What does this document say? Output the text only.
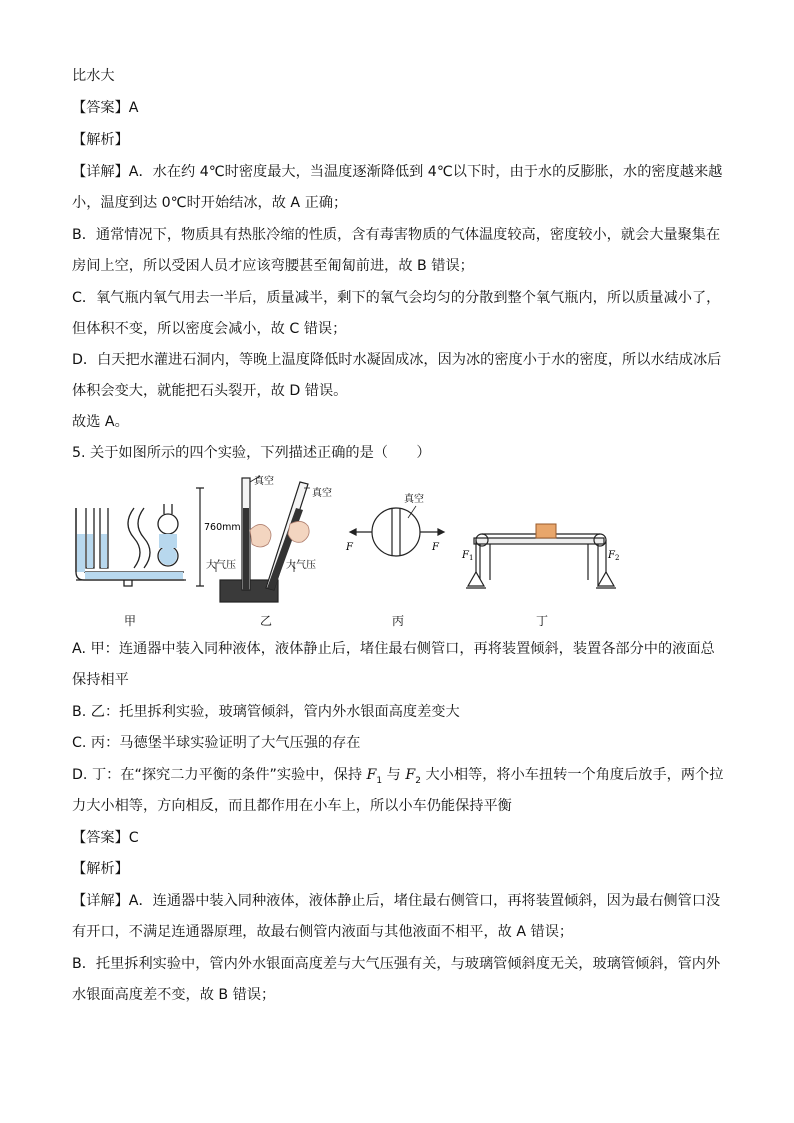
比水大
【答案】A
【解析】
【详解】A．水在约 4℃时密度最大，当温度逐渐降低到 4℃以下时，由于水的反膨胀，水的密度越来越
小，温度到达 0℃时开始结冰，故 A 正确；
B．通常情况下，物质具有热胀冷缩的性质，含有毒害物质的气体温度较高，密度较小，就会大量聚集在
房间上空，所以受困人员才应该弯腰甚至匍匐前进，故 B 错误；
C．氧气瓶内氧气用去一半后，质量减半，剩下的氧气会均匀的分散到整个氧气瓶内，所以质量减小了，
但体积不变，所以密度会减小，故 C 错误；
D．白天把水灌进石洞内，等晚上温度降低时水凝固成冰，因为冰的密度小于水的密度，所以水结成冰后
体积会变大，就能把石头裂开，故 D 错误。
故选 A。
5. 关于如图所示的四个实验，下列描述正确的是（　　）
真空
真空
760mm
大气压	大气压
真空
F	F
$F_1$	$F_2$
甲	乙	丙	丁
A. 甲：连通器中装入同种液体，液体静止后，堵住最右侧管口，再将装置倾斜，装置各部分中的液面总
保持相平
B. 乙：托里拆利实验，玻璃管倾斜，管内外水银面高度差变大
C. 丙：马德堡半球实验证明了大气压强的存在
D. 丁：在“探究二力平衡的条件”实验中，保持 $F_1$ 与 $F_2$ 大小相等，将小车扭转一个角度后放手，两个拉
力大小相等，方向相反，而且都作用在小车上，所以小车仍能保持平衡
【答案】C
【解析】
【详解】A．连通器中装入同种液体，液体静止后，堵住最右侧管口，再将装置倾斜，因为最右侧管口没
有开口，不满足连通器原理，故最右侧管内液面与其他液面不相平，故 A 错误；
B．托里拆利实验中，管内外水银面高度差与大气压强有关，与玻璃管倾斜度无关，玻璃管倾斜，管内外
水银面高度差不变，故 B 错误；
